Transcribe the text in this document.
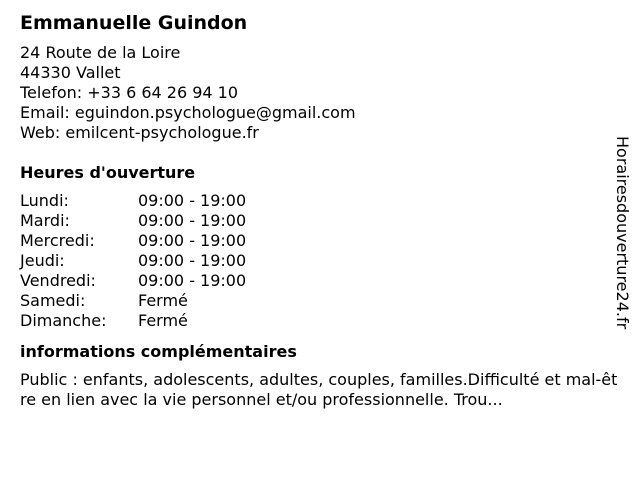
Emmanuelle Guindon
24 Route de la Loire
44330 Vallet
Telefon: +33 6 64 26 94 10
Email: eguindon.psychologue@gmail.com
Web: emilcent-psychologue.fr
Heures d'ouverture
Lundi:	09:00 - 19:00
Mardi:	09:00 - 19:00
Mercredi:	09:00 - 19:00
Jeudi:	09:00 - 19:00
Vendredi:	09:00 - 19:00
Samedi:	Fermé
Dimanche:	Fermé
informations complémentaires
Public : enfants, adolescents, adultes, couples, familles.Difficulté et mal-être en lien avec la vie personnel et/ou professionnelle. Trou...
Horairesdouverture24.fr
